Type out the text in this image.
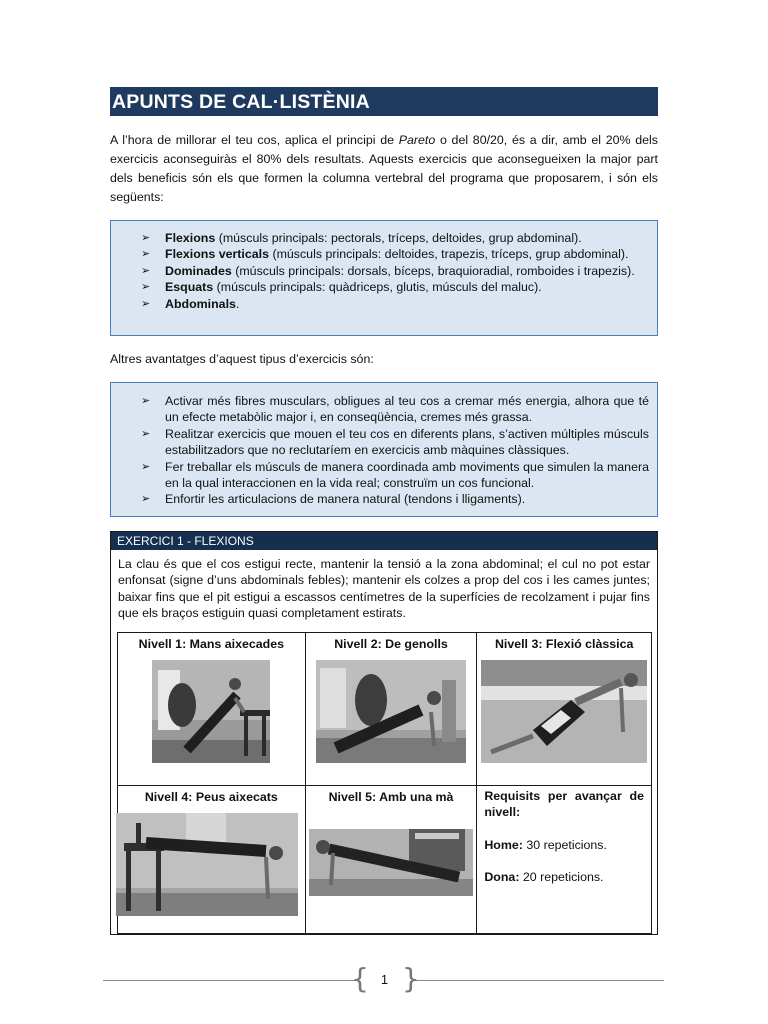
APUNTS DE CAL·LISTÈNIA
A l’hora de millorar el teu cos, aplica el principi de Pareto o del 80/20, és a dir, amb el 20% dels exercicis aconseguiràs el 80% dels resultats. Aquests exercicis que aconsegueixen la major part dels beneficis són els que formen la columna vertebral del programa que proposarem, i són els següents:
➢ Flexions (músculs principals: pectorals, tríceps, deltoides, grup abdominal).
➢ Flexions verticals (músculs principals: deltoides, trapezis, tríceps, grup abdominal).
➢ Dominades (músculs principals: dorsals, bíceps, braquioradial, romboides i trapezis).
➢ Esquats (músculs principals: quàdriceps, glutis, músculs del maluc).
➢ Abdominals.
Altres avantatges d’aquest tipus d’exercicis són:
➢ Activar més fibres musculars, obligues al teu cos a cremar més energia, alhora que té un efecte metabòlic major i, en conseqüència, cremes més grassa.
➢ Realitzar exercicis que mouen el teu cos en diferents plans, s’activen múltiples músculs estabilitzadors que no reclutaríem en exercicis amb màquines clàssiques.
➢ Fer treballar els músculs de manera coordinada amb moviments que simulen la manera en la qual interaccionen en la vida real; construïm un cos funcional.
➢ Enfortir les articulacions de manera natural (tendons i lligaments).
EXERCICI 1 - FLEXIONS
La clau és que el cos estigui recte, mantenir la tensió a la zona abdominal; el cul no pot estar enfonsat (signe d’uns abdominals febles); mantenir els colzes a prop del cos i les cames juntes; baixar fins que el pit estigui a escassos centímetres de la superfícies de recolzament i pujar fins que els braços estiguin quasi completament estirats.
Nivell 1: Mans aixecades	Nivell 2: De genolls	Nivell 3: Flexió clàssica

Nivell 4: Peus aixecats	Nivell 5: Amb una mà	Requisits per avançar de nivell:

Home: 30 repeticions.

Dona: 20 repeticions.

{ }
1
